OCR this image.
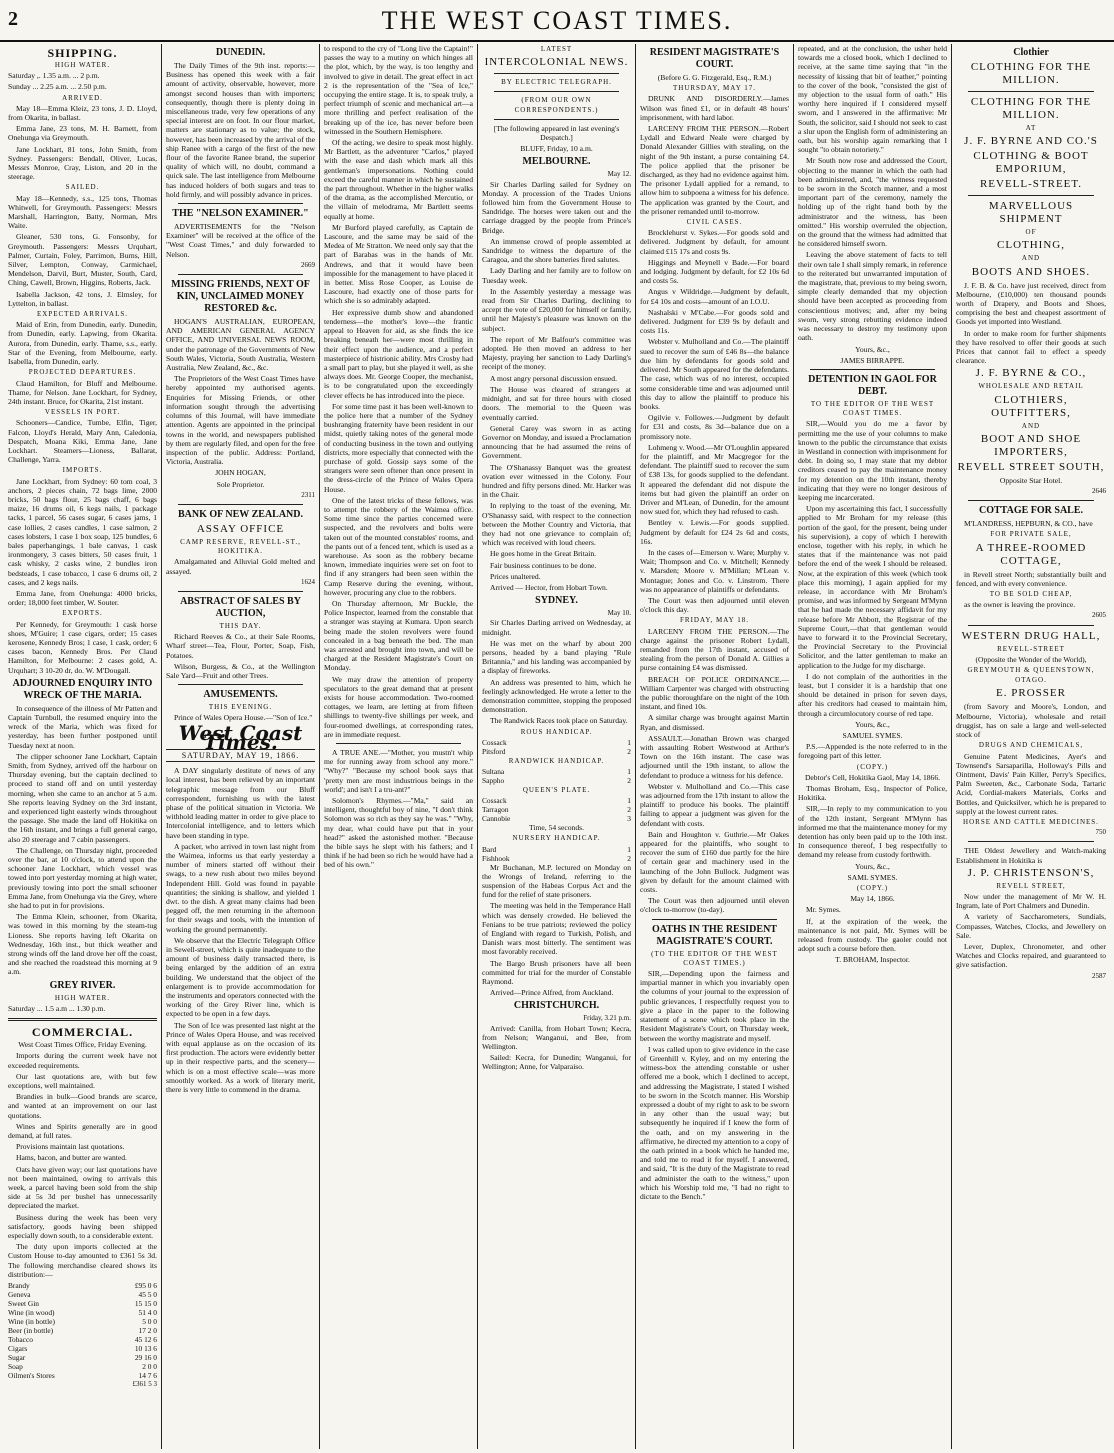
2	THE WEST COAST TIMES.
SHIPPING.
HIGH WATER.

Saturday ,. 1.35 a.m. ... 2 p.m.

Sunday ... 2.25 a.m. ... 2.50 p.m.

ARRIVED.

May 18—Emma Kleiz, 23 tons, J. D. Lloyd, from Okarita, in ballast.

Emma Jane, 23 tons, M. H. Barnett, from Onehunga via Greymouth.

Jane Lockhart, 81 tons, John Smith, from Sydney. Passengers: Bendall, Oliver, Lucas, Messrs Monroe, Cray, Liston, and 20 in the steerage.

SAILED.

May 18—Kennedy, s.s., 125 tons, Thomas Whitwell, for Greymouth. Passengers: Messrs Marshall, Harrington, Batty, Norman, Mrs Waite.

Gleaner, 530 tons, G. Fonsonby, for Greymouth. Passengers: Messrs Urquhart, Palmer, Curtain, Foley, Parrimon, Burns, Hill, Silver, Lempton, Conway, Carmichael, Mendelson, Darvil, Burt, Muster, South, Card, Ching, Cawell, Brown, Higgins, Roberts, Jack.

Isabella Jackson, 42 tons, J. Elmsley, for Lyttelton, in ballast.

EXPECTED ARRIVALS.

Maid of Erin, from Dunedin, early. Dunedin, from Dunedin, early. Lapwing, from Okarita. Aurora, from Dunedin, early. Thame, s.s., early. Star of the Evening, from Melbourne, early. Isabella, from Dunedin, early.

PROJECTED DEPARTURES.

Claud Hamilton, for Bluff and Melbourne. Thame, for Nelson. Jane Lockhart, for Sydney, 24th instant. Bruce, for Okarita, 21st instant.

VESSELS IN PORT.

Schooners—Candice, Tumbe, Elfin, Tiger, Falcon, Lloyd's Herald, Mary Ann, Caledonia, Despatch, Moana Kiki, Emma Jane, Jane Lockhart. Steamers—Lioness, Ballarat, Challenge, Yarra.

IMPORTS.

Jane Lockhart, from Sydney: 60 tom coal, 3 anchors, 2 pieces chain, 72 bags lime, 2000 bricks, 50 bags flour, 25 bags chaff, 6 bags maize, 16 drums oil, 6 kegs nails, 1 package tacks, 1 parcel, 56 cases sugar, 6 cases jams, 1 case lollies, 2 cases candles, 1 case salmon, 2 cases lobsters, 1 case 1 box soap, 125 bundles, 6 bales paperhangings, 1 bale canvas, 1 cask ironmongery, 3 cases bitters, 50 cases fruit, 1 cask whisky, 2 casks wine, 2 bundles iron bedsteads, 1 case tobacco, 1 case 6 drums oil, 2 cases, and 2 kegs nails.

Emma Jane, from Onehunga: 4000 bricks, order; 18,000 feet timber, W. Souter.

EXPORTS.

Per Kennedy, for Greymouth: 1 cask horse shoes, M'Guire; 1 case cigars, order; 15 cases kerosene, Kennedy Bros; 1 case, 1 cask, order; 6 cases bacon, Kennedy Bros. Per Claud Hamilton, for Melbourne: 2 cases gold, A. Urquhart; 3 10-20 dr, do. W. M'Dougall.

ADJOURNED ENQUIRY INTO WRECK OF THE MARIA.

In consequence of the illness of Mr Patten and Captain Turnbull, the resumed enquiry into the wreck of the Maria, which was fixed for yesterday, has been further postponed until Tuesday next at noon.

The clipper schooner Jane Lockhart, Captain Smith, from Sydney, arrived off the harbour on Thursday evening, but the captain declined to proceed to stand off and on until yesterday morning, when she came to an anchor at 5 a.m. She reports leaving Sydney on the 3rd instant, and experienced light easterly winds throughout the passage. She made the land off Hokitika on the 16th instant, and brings a full general cargo, also 20 steerage and 7 cabin passengers.

The Challenge, on Thursday night, proceeded over the bar, at 10 o'clock, to attend upon the schooner Jane Lockhart, which vessel was towed into port yesterday morning at high water, previously towing into port the small schooner Emma Jane, from Onehunga via the Grey, where she had to put in for provisions.

The Emma Klein, schooner, from Okarita, was towed in this morning by the steam-tug Lioness. She reports having left Okarita on Wednesday, 16th inst., but thick weather and strong winds off the land drove her off the coast, and she reached the roadstead this morning at 9 a.m.

GREY RIVER.
HIGH WATER.

Saturday ... 1.5 a.m ... 1.30 p.m.

COMMERCIAL.

West Coast Times Office, Friday Evening.

Imports during the current week have not exceeded requirements.

Our last quotations are, with but few exceptions, well maintained.

Brandies in bulk—Good brands are scarce, and wanted at an improvement on our last quotations.

Wines and Spirits generally are in good demand, at full rates.

Provisions maintain last quotations.

Hams, bacon, and butter are wanted.

Oats have given way; our last quotations have not been maintained, owing to arrivals this week, a parcel having been sold from the ship side at 5s 3d per bushel has unnecessarily depreciated the market.

Business during the week has been very satisfactory, goods having been shipped especially down south, to a considerable extent.

The duty upon imports collected at the Custom House to-day amounted to £361 5s 3d. The following merchandise cleared shows its distribution:—

Brandy	£95 0 6
Geneva	45 5 0
Sweet Gin	15 15 0
Wine (in wood)	51 4 0
Wine (in bottle)	5 0 0
Beer (in bottle)	17 2 0
Tobacco	45 12 6
Cigars	10 13 6
Sugar	29 16 0
Soap	2 0 0
Oilmen's Stores	14 7 6
£361 5 3
DUNEDIN.

The Daily Times of the 9th inst. reports:—Business has opened this week with a fair amount of activity, observable, however, more amongst second houses than with importers; consequently, though there is plenty doing in miscellaneous trade, very few operations of any special interest are on foot. In our flour market, matters are stationary as to value; the stock, however, has been increased by the arrival of the ship Ranee with a cargo of the first of the new flour of the favorite Ranee brand, the superior quality of which will, no doubt, command a quick sale. The last intelligence from Melbourne has induced holders of both sugars and teas to hold firmly, and will possibly advance in prices.

THE "NELSON EXAMINER."

ADVERTISEMENTS for the "Nelson Examiner" will be received at the office of the "West Coast Times," and duly forwarded to Nelson.

2669
MISSING FRIENDS, NEXT OF KIN, UNCLAIMED MONEY RESTORED &c.

HOGAN'S AUSTRALIAN, EUROPEAN, AND AMERICAN GENERAL AGENCY OFFICE, AND UNIVERSAL NEWS ROOM, under the patronage of the Governments of New South Wales, Victoria, South Australia, Western Australia, New Zealand, &c., &c.

The Proprietors of the West Coast Times have hereby appointed my authorised agents. Enquiries for Missing Friends, or other information sought through the advertising columns of this Journal, will have immediate attention. Agents are appointed in the principal towns in the world, and newspapers published by them are regularly filed, and open for the free inspection of the public. Address: Portland, Victoria, Australia.

JOHN HOGAN,

Sole Proprietor.

2311
BANK OF NEW ZEALAND.
ASSAY OFFICE
CAMP RESERVE, REVELL-ST., HOKITIKA.

Amalgamated and Alluvial Gold melted and assayed.

1624
ABSTRACT OF SALES BY AUCTION,
THIS DAY.

Richard Reeves & Co., at their Sale Rooms, Wharf street—Tea, Flour, Porter, Soap, Fish, Potatoes.

Wilson, Burgess, & Co., at the Wellington Sale Yard—Fruit and other Trees.

AMUSEMENTS.
THIS EVENING.

Prince of Wales Opera House.—"Son of Ice."

West Coast Times.
SATURDAY, MAY 19, 1866.

A DAY singularly destitute of news of any local interest, has been relieved by an important telegraphic message from our Bluff correspondent, furnishing us with the latest phase of the political situation in Victoria. We withhold leading matter in order to give place to Intercolonial intelligence, and to letters which have been standing in type.

A packer, who arrived in town last night from the Waimea, informs us that early yesterday a number of miners started off without their swags, to a new rush about two miles beyond Independent Hill. Gold was found in payable quantities; the sinking is shallow, and yielded 1 dwt. to the dish. A great many claims had been pegged off, the men returning in the afternoon for their swags and tools, with the intention of working the ground permanently.

We observe that the Electric Telegraph Office in Sewell-street, which is quite inadequate to the amount of business daily transacted there, is being enlarged by the addition of an extra building. We understand that the object of the enlargement is to provide accommodation for the instruments and operators connected with the working of the Grey River line, which is expected to be open in a few days.

The Son of Ice was presented last night at the Prince of Wales Opera House, and was received with equal applause as on the occasion of its first production. The actors were evidently better up in their respective parts, and the scenery—which is on a most effective scale—was more smoothly worked. As a work of literary merit, there is very little to commend in the drama.

to respond to the cry of "Long live the Captain!" passes the way to a mutiny on which hinges all the plot, which, by the way, is too lengthy and involved to give in detail. The great effect in act 2 is the representation of the "Sea of Ice," occupying the entire stage. It is, to speak truly, a perfect triumph of scenic and mechanical art—a more thrilling and perfect realisation of the breaking up of the ice, has never before been witnessed in the Southern Hemisphere.

Of the acting, we desire to speak most highly. Mr Bartlett, as the adventurer "Carlos," played with the ease and dash which mark all this gentleman's impersonations. Nothing could exceed the careful manner in which he sustained the part throughout. Whether in the higher walks of the drama, as the accomplished Mercutio, or the villain of melodrama, Mr Bartlett seems equally at home.

Mr Burford played carefully, as Captain de Lascoure, and the same may be said of the Medea of Mr Stratton. We need only say that the part of Barabas was in the hands of Mr. Andrews, and that it would have been impossible for the management to have placed it in better. Miss Rose Cooper, as Louise de Lascoure, had exactly one of those parts for which she is so admirably adapted.

Her expressive dumb show and abandoned tenderness—the mother's love—the frantic appeal to Heaven for aid, as she finds the ice breaking beneath her—were most thrilling in their effect upon the audience, and a perfect masterpiece of histrionic ability. Mrs Crosby had a small part to play, but she played it well, as she always does. Mr. George Cooper, the mechanist, is to be congratulated upon the exceedingly clever effects he has introduced into the piece.

For some time past it has been well-known to the police here that a number of the Sydney bushranging fraternity have been resident in our midst, quietly taking notes of the general mode of conducting business in the town and outlying districts, more especially that connected with the purchase of gold. Gossip says some of the strangers were seen oftener than once present in the dress-circle of the Prince of Wales Opera House.

One of the latest tricks of these fellows, was to attempt the robbery of the Waimea office. Some time since the parties concerned were suspected, and the revolvers and bolts were taken out of the mounted constables' rooms, and the pants out of a fenced tent, which is used as a warehouse. As soon as the robbery became known, immediate inquiries were set on foot to find if any strangers had been seen within the Camp Reserve during the evening, without, however, procuring any clue to the robbers.

On Thursday afternoon, Mr Buckle, the Police Inspector, learned from the constable that a stranger was staying at Kumara. Upon search being made the stolen revolvers were found concealed in a bag beneath the bed. The man was arrested and brought into town, and will be charged at the Resident Magistrate's Court on Monday.

We may draw the attention of property speculators to the great demand that at present exists for house accommodation. Two-roomed cottages, we learn, are letting at from fifteen shillings to twenty-five shillings per week, and four-roomed dwellings, at corresponding rates, are in immediate request.

A TRUE ANE.—"Mother, you mustn't whip me for running away from school any more." "Why?" "Because my school book says that 'pretty men are most industrious beings in the world'; and isn't I a tru-ant?"

Solomon's Rhymes.—"Ma," said an intelligent, thoughtful boy of nine, "I don't think Solomon was so rich as they say he was." "Why, my dear, what could have put that in your head?" asked the astonished mother. "Because the bible says he slept with his fathers; and I think if he had been so rich he would have had a bed of his own."

LATEST
INTERCOLONIAL NEWS.
BY ELECTRIC TELEGRAPH.
(FROM OUR OWN CORRESPONDENTS.)

[The following appeared in last evening's Despatch.]

BLUFF, Friday, 10 a.m.

MELBOURNE.
May 12.

Sir Charles Darling sailed for Sydney on Monday. A procession of the Trades Unions followed him from the Government House to Sandridge. The horses were taken out and the carriage dragged by the people from Prince's Bridge.

An immense crowd of people assembled at Sandridge to witness the departure of the Caragoa, and the shore batteries fired salutes.

Lady Darling and her family are to follow on Tuesday week.

In the Assembly yesterday a message was read from Sir Charles Darling, declining to accept the vote of £20,000 for himself or family, until her Majesty's pleasure was known on the subject.

The report of Mr Balfour's committee was adopted. He then moved an address to her Majesty, praying her sanction to Lady Darling's receipt of the money.

A most angry personal discussion ensued.

The House was cleared of strangers at midnight, and sat for three hours with closed doors. The memorial to the Queen was eventually carried.

General Carey was sworn in as acting Governor on Monday, and issued a Proclamation announcing that he had assumed the reins of Government.

The O'Shanassy Banquet was the greatest ovation ever witnessed in the Colony. Four hundred and fifty persons dined. Mr. Harker was in the Chair.

In replying to the toast of the evening, Mr. O'Shanassy said, with respect to the connection between the Mother Country and Victoria, that they had not one grievance to complain of; which was received with loud cheers.

He goes home in the Great Britain.

Fair business continues to be done.

Prices unaltered.

Arrived — Hector, from Hobart Town.

SYDNEY.
May 10.

Sir Charles Darling arrived on Wednesday, at midnight.

He was met on the wharf by about 200 persons, headed by a band playing "Rule Britannia," and his landing was accompanied by a display of fireworks.

An address was presented to him, which he feelingly acknowledged. He wrote a letter to the demonstration committee, stopping the proposed demonstration.

The Randwick Races took place on Saturday.

ROUS HANDICAP.
Cossack	1
Pitsford	2
RANDWICK HANDICAP.
Sultana	1
Sappho	2
QUEEN'S PLATE.
Cossack	1
Tarragon	2
Cannobie	3

Time, 54 seconds.

NURSERY HANDICAP.
Bard	1
Fishhook	2

Mr Buchanan, M.P. lectured on Monday on the Wrongs of Ireland, referring to the suspension of the Habeas Corpus Act and the fund for the relief of state prisoners.

The meeting was held in the Temperance Hall which was densely crowded. He believed the Fenians to be true patriots; reviewed the policy of England with regard to Turkish, Polish, and Danish wars most bitterly. The sentiment was most favorably received.

The Bargo Brush prisoners have all been committed for trial for the murder of Constable Raymond.

Arrived—Prince Alfred, from Auckland.

CHRISTCHURCH.
Friday, 3.21 p.m.

Arrived: Canilla, from Hobart Town; Kecra, from Nelson; Wanganui, and Bee, from Wellington.

Sailed: Kecra, for Dunedin; Wanganui, for Wellington; Anne, for Valparaiso.

RESIDENT MAGISTRATE'S COURT.

(Before G. G. Fitzgerald, Esq., R.M.)

THURSDAY, MAY 17.

DRUNK AND DISORDERLY.—James Wilson was fined £1, or in default 48 hours' imprisonment, with hard labor.

LARCENY FROM THE PERSON.—Robert Lydall and Edward Neale were charged by Donald Alexander Gillies with stealing, on the night of the 9th instant, a purse containing £4. The police applied that the prisoner be discharged, as they had no evidence against him. The prisoner Lydall applied for a remand, to allow him to subpoena a witness for his defence. The application was granted by the Court, and the prisoner remanded until to-morrow.

CIVIL CASES.

Brocklehurst v. Sykes.—For goods sold and delivered. Judgment by default, for amount claimed £15 17s and costs 9s.

Higgings and Meynell v Bade.—For board and lodging. Judgment by default, for £2 10s 6d and costs 5s.

Angus v Wildridge.—Judgment by default, for £4 10s and costs—amount of an I.O.U.

Nashalski v M'Cabe.—For goods sold and delivered. Judgment for £39 9s by default and costs 11s.

Webster v. Mulholland and Co.—The plaintiff sued to recover the sum of £46 8s—the balance due him by defendants for goods sold and delivered. Mr South appeared for the defendants. The case, which was of no interest, occupied some considerable time and was adjourned until this day to allow the plaintiff to produce his books.

Ogilvie v. Followes.—Judgment by default for £31 and costs, 8s 3d—balance due on a promissory note.

Lohmeng v. Wood.—Mr O'Loughlin appeared for the plaintiff, and Mr Macgregor for the defendant. The plaintiff sued to recover the sum of £38 13s, for goods supplied to the defendant. It appeared the defendant did not dispute the items but had given the plaintiff an order on Driver and M'Lean, of Dunedin, for the amount now sued for, which they had refused to cash.

Bentley v. Lewis.—For goods supplied. Judgment by default for £24 2s 6d and costs, 16s.

In the cases of—Emerson v. Ware; Murphy v. Wait; Thompson and Co. v. Mitchell; Kennedy v. Marsden; Moore v. M'Millan; M'Lean v. Montague; Jones and Co. v. Linstrom. There was no appearance of plaintiffs or defendants.

The Court was then adjourned until eleven o'clock this day.

FRIDAY, MAY 18.

LARCENY FROM THE PERSON.—The charge against the prisoner Robert Lydall, remanded from the 17th instant, accused of stealing from the person of Donald A. Gillies a purse containing £4 was dismissed.

BREACH OF POLICE ORDINANCE.—William Carpenter was charged with obstructing the public thoroughfare on the night of the 10th instant, and fined 10s.

A similar charge was brought against Martin Ryan, and dismissed.

ASSAULT.—Jonathan Brown was charged with assaulting Robert Westwood at Arthur's Town on the 16th instant. The case was adjourned until the 19th instant, to allow the defendant to produce a witness for his defence.

Webster v. Mulholland and Co.—This case was adjourned from the 17th instant to allow the plaintiff to produce his books. The plaintiff failing to appear a judgment was given for the defendant with costs.

Bain and Houghton v. Guthrie.—Mr Oakes appeared for the plaintiffs, who sought to recover the sum of £160 due partly for the hire of certain gear and machinery used in the launching of the John Bullock. Judgment was given by default for the amount claimed with costs.

The Court was then adjourned until eleven o'clock to-morrow (to-day).

OATHS IN THE RESIDENT MAGISTRATE'S COURT.
(TO THE EDITOR OF THE WEST COAST TIMES.)

SIR,—Depending upon the fairness and impartial manner in which you invariably open the columns of your journal to the expression of public grievances, I respectfully request you to give a place in the paper to the following statement of a scene which took place in the Resident Magistrate's Court, on Thursday week, between the worthy magistrate and myself.

I was called upon to give evidence in the case of Greenhill v. Kyley, and on my entering the witness-box the attending constable or usher offered me a book, which I declined to accept, and addressing the Magistrate, I stated I wished to be sworn in the Scotch manner. His Worship expressed a doubt of my right to ask to be sworn in any other than the usual way; but subsequently he inquired if I knew the form of the oath, and on my answering in the affirmative, he directed my attention to a copy of the oath printed in a book which he handed me, and told me to read it for myself. I answered, and said, "It is the duty of the Magistrate to read and administer the oath to the witness," upon which his Worship told me, "I had no right to dictate to the Bench."

repeated, and at the conclusion, the usher held towards me a closed book, which I declined to receive, at the same time saying that "in the necessity of kissing that bit of leather," pointing to the cover of the book, "consisted the gist of my objection to the usual form of oath." His worthy here inquired if I considered myself sworn, and I answered in the affirmative: Mr South, the solicitor, said I should not seek to cast a slur upon the English form of administering an oath, but his worship again remarking that I sought "to obtain notoriety."

Mr South now rose and addressed the Court, objecting to the manner in which the oath had been administered, and, "the witness requested to be sworn in the Scotch manner, and a most important part of the ceremony, namely the holding up of the right hand both by the administrator and the witness, has been omitted." His worship overruled the objection, on the ground that the witness had admitted that he considered himself sworn.

Leaving the above statement of facts to tell their own tale I shall simply remark, in reference to the reiterated but unwarranted imputation of the magistrate, that, previous to my being sworn, simple clearly demanded that my objection should have been accepted as proceeding from conscientious motives; and, after my being sworn, very strong rebutting evidence indeed was necessary to destroy my testimony upon oath.

Yours, &c.,

JAMES BIRRAPPE.

DETENTION IN GAOL FOR DEBT.
TO THE EDITOR OF THE WEST COAST TIMES.

SIR,—Would you do me a favor by permitting me the use of your columns to make known to the public the circumstance that exists in Westland in connection with imprisonment for debt. In doing so, I may state that my debtor creditors ceased to pay the maintenance money for my detention on the 10th instant, thereby indicating that they were no longer desirous of keeping me incarcerated.

Upon my ascertaining this fact, I successfully applied to Mr Broham for my release (this portion of the gaol, for the present, being under his supervision), a copy of which I herewith enclose, together with his reply, in which he states that if the maintenance was not paid before the end of the week I should be released. Now, at the expiration of this week (which took place this morning), I again applied for my release, in accordance with Mr Broham's promise, and was informed by Sergeant M'Mynn that he had made the necessary affidavit for my release before Mr Abbott, the Registrar of the Supreme Court,—that that gentleman would have to forward it to the Provincial Secretary, the Provincial Secretary to the Provincial Solicitor, and the latter gentleman to make an application to the Judge for my discharge.

I do not complain of the authorities in the least, but I consider it is a hardship that one should be detained in prison for seven days, after his creditors had ceased to maintain him, through a circumlocutory course of red tape.

Yours, &c.,

SAMUEL SYMES.

P.S.—Appended is the note referred to in the foregoing part of this letter.

(COPY.)

Debtor's Cell, Hokitika Gaol, May 14, 1866.

Thomas Broham, Esq., Inspector of Police, Hokitika.

SIR,—In reply to my communication to you of the 12th instant, Sergeant M'Mynn has informed me that the maintenance money for my detention has only been paid up to the 10th inst. In consequence thereof, I beg respectfully to demand my release from custody forthwith.

Yours, &c.,

SAML SYMES.

(COPY.)

May 14, 1866.

Mr. Symes.

If, at the expiration of the week, the maintenance is not paid, Mr. Symes will be released from custody. The gaoler could not adopt such a course before then.

T. BROHAM, Inspector.

Clothier
CLOTHING FOR THE MILLION.
CLOTHING FOR THE MILLION.
AT
J. F. BYRNE AND CO.'S
CLOTHING & BOOT EMPORIUM,
REVELL-STREET.
MARVELLOUS SHIPMENT
OF
CLOTHING,
AND
BOOTS AND SHOES.

J. F. B. & Co. have just received, direct from Melbourne, (£10,000) ten thousand pounds worth of Drapery, and Boots and Shoes, comprising the best and cheapest assortment of Goods yet imported into Westland.

In order to make room for further shipments they have resolved to offer their goods at such Prices that cannot fail to effect a speedy clearance.

J. F. BYRNE & CO.,
WHOLESALE AND RETAIL
CLOTHIERS, OUTFITTERS,
AND
BOOT AND SHOE IMPORTERS,
REVELL STREET SOUTH,

Opposite Star Hotel.

2646
COTTAGE FOR SALE.

M'LANDRESS, HEPBURN, & CO., have

FOR PRIVATE SALE,
A THREE-ROOMED COTTAGE,

in Revell street North; substantially built and fenced, and with every convenience.

TO BE SOLD CHEAP,

as the owner is leaving the province.

2605
WESTERN DRUG HALL,
REVELL-STREET

(Opposite the Wonder of the World),

GREYMOUTH & QUEENSTOWN,
OTAGO.
E. PROSSER

(from Savory and Moore's, London, and Melbourne, Victoria), wholesale and retail druggist, has on sale a large and well-selected stock of

DRUGS AND CHEMICALS,

Genuine Patent Medicines, Ayer's and Townsend's Sarsaparilla, Holloway's Pills and Ointment, Davis' Pain Killer, Perry's Specifics, Palm Sweeten, &c., Carbonate Soda, Tartaric Acid, Cordial-makers Materials, Corks and Bottles, and Quicksilver, which he is prepared to supply at the lowest current rates.

HORSE AND CATTLE MEDICINES.
750

THE Oldest Jewellery and Watch-making Establishment in Hokitika is

J. P. CHRISTENSON'S,
REVELL STREET,

Now under the management of Mr W. H. Ingram, late of Port Chalmers and Dunedin.

A variety of Saccharometers, Sundials, Compasses, Watches, Clocks, and Jewellery on Sale.

Lever, Duplex, Chronometer, and other Watches and Clocks repaired, and guaranteed to give satisfaction.

2587
